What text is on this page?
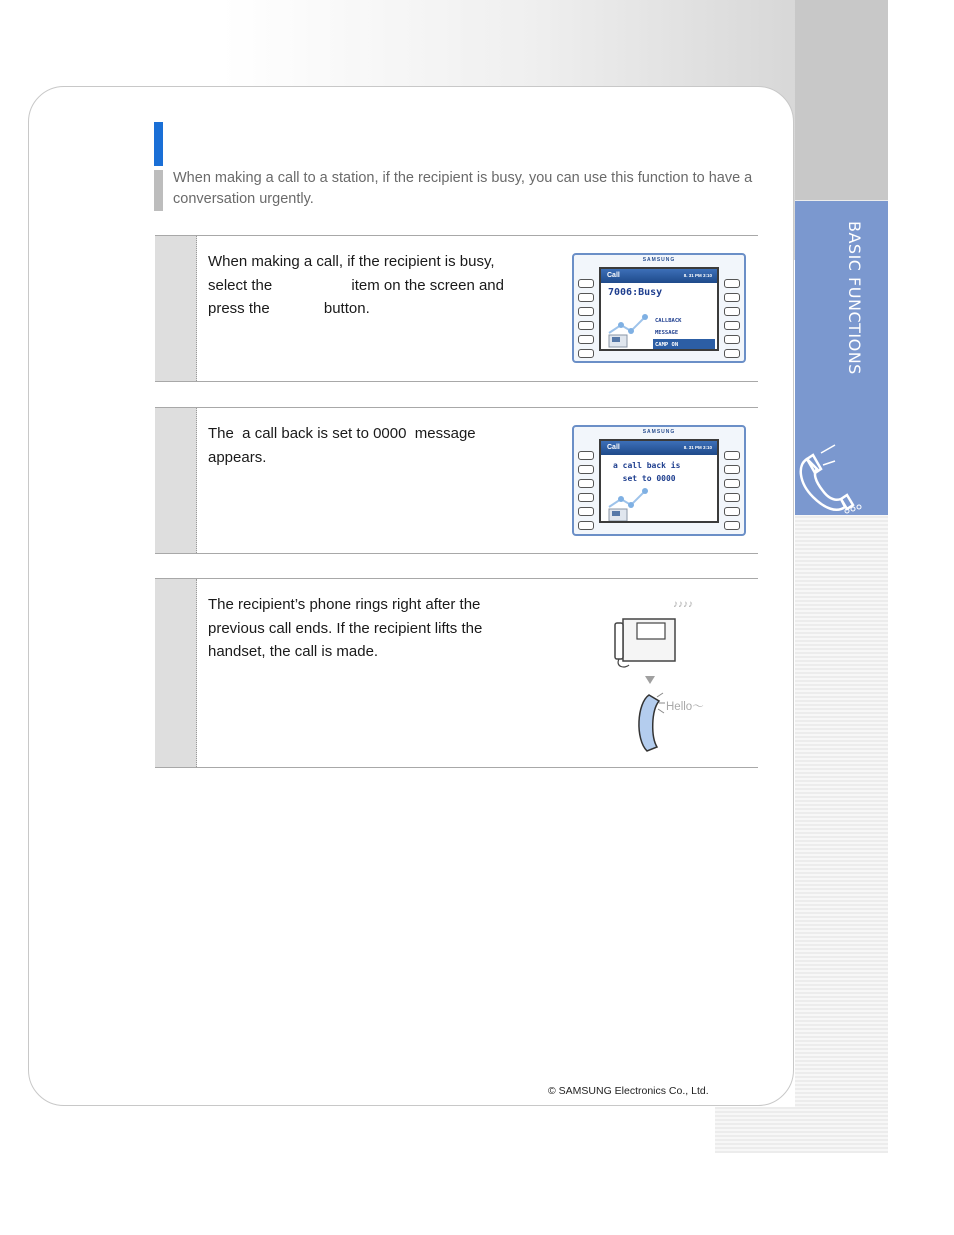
BASIC FUNCTIONS
When making a call to a station, if the recipient is busy, you can use this function to have a conversation urgently.
When making a call, if the recipient is busy,
select the                   item on the screen and
press the             button.
SAMSUNG
Call	8. 31 PM 3:10
7006:Busy
CALLBACK
MESSAGE
CAMP ON
The  a call back is set to 0000  message
appears.
SAMSUNG
Call	8. 31 PM 3:10
a call back is
set to 0000
The recipient’s phone rings right after the
previous call ends. If the recipient lifts the
handset, the call is made.
♪♪♪♪
Hello～
© SAMSUNG Electronics Co., Ltd.
